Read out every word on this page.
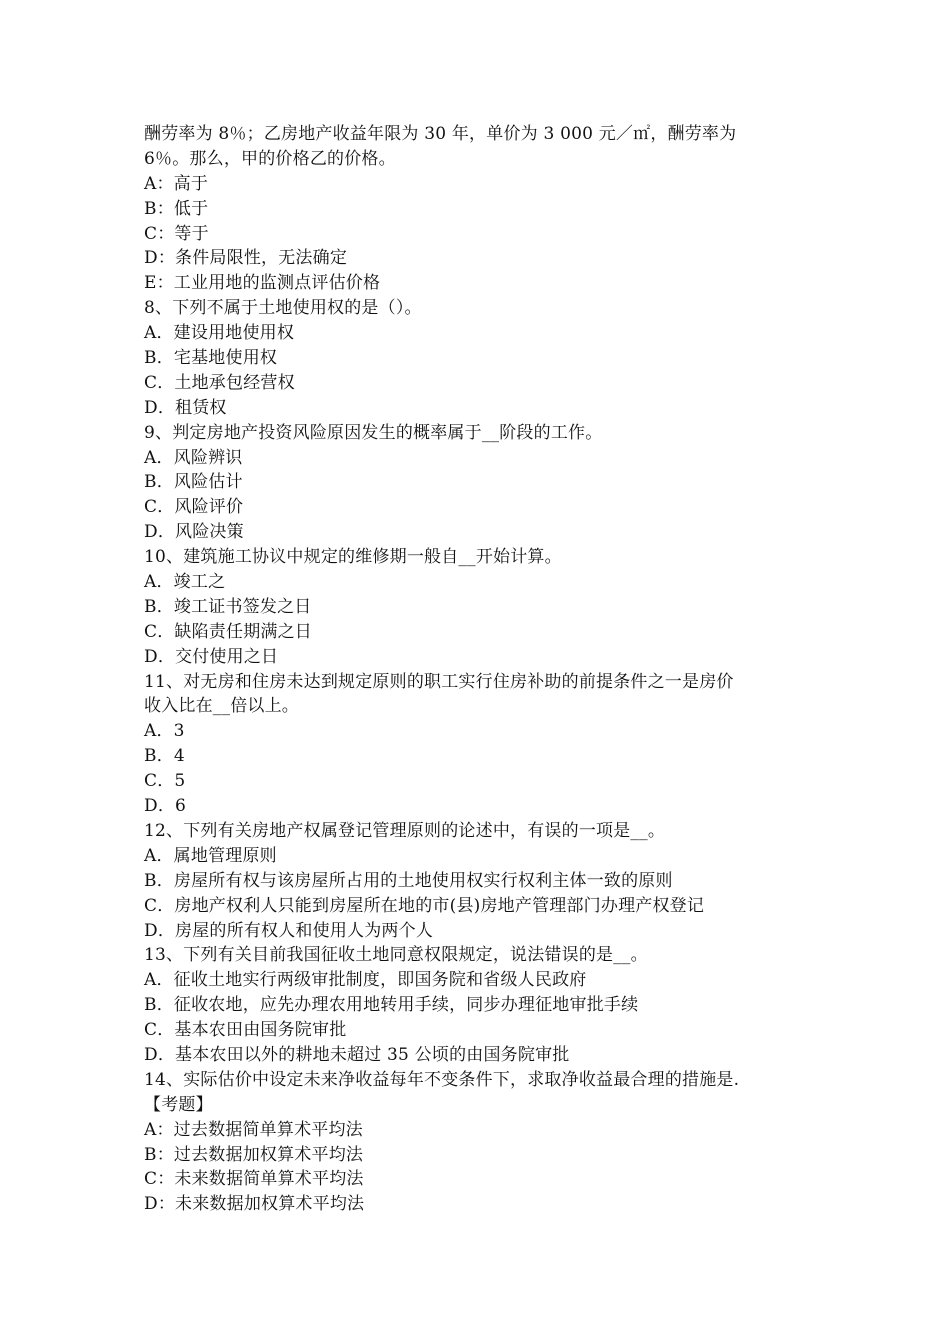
酬劳率为 8％；乙房地产收益年限为 30 年，单价为 3 000 元／㎡，酬劳率为
6％。那么，甲的价格乙的价格。
A：高于
B：低于
C：等于
D：条件局限性，无法确定
E：工业用地的监测点评估价格
8、下列不属于土地使用权的是（）。
A．建设用地使用权
B．宅基地使用权
C．土地承包经营权
D．租赁权
9、判定房地产投资风险原因发生的概率属于__阶段的工作。
A．风险辨识
B．风险估计
C．风险评价
D．风险决策
10、建筑施工协议中规定的维修期一般自__开始计算。
A．竣工之
B．竣工证书签发之日
C．缺陷责任期满之日
D．交付使用之日
11、对无房和住房未达到规定原则的职工实行住房补助的前提条件之一是房价
收入比在__倍以上。
A．3
B．4
C．5
D．6
12、下列有关房地产权属登记管理原则的论述中，有误的一项是__。
A．属地管理原则
B．房屋所有权与该房屋所占用的土地使用权实行权利主体一致的原则
C．房地产权利人只能到房屋所在地的市(县)房地产管理部门办理产权登记
D．房屋的所有权人和使用人为两个人
13、下列有关目前我国征收土地同意权限规定，说法错误的是__。
A．征收土地实行两级审批制度，即国务院和省级人民政府
B．征收农地，应先办理农用地转用手续，同步办理征地审批手续
C．基本农田由国务院审批
D．基本农田以外的耕地未超过 35 公顷的由国务院审批
14、实际估价中设定未来净收益每年不变条件下，求取净收益最合理的措施是.
【考题】
A：过去数据简单算术平均法
B：过去数据加权算术平均法
C：未来数据简单算术平均法
D：未来数据加权算术平均法
